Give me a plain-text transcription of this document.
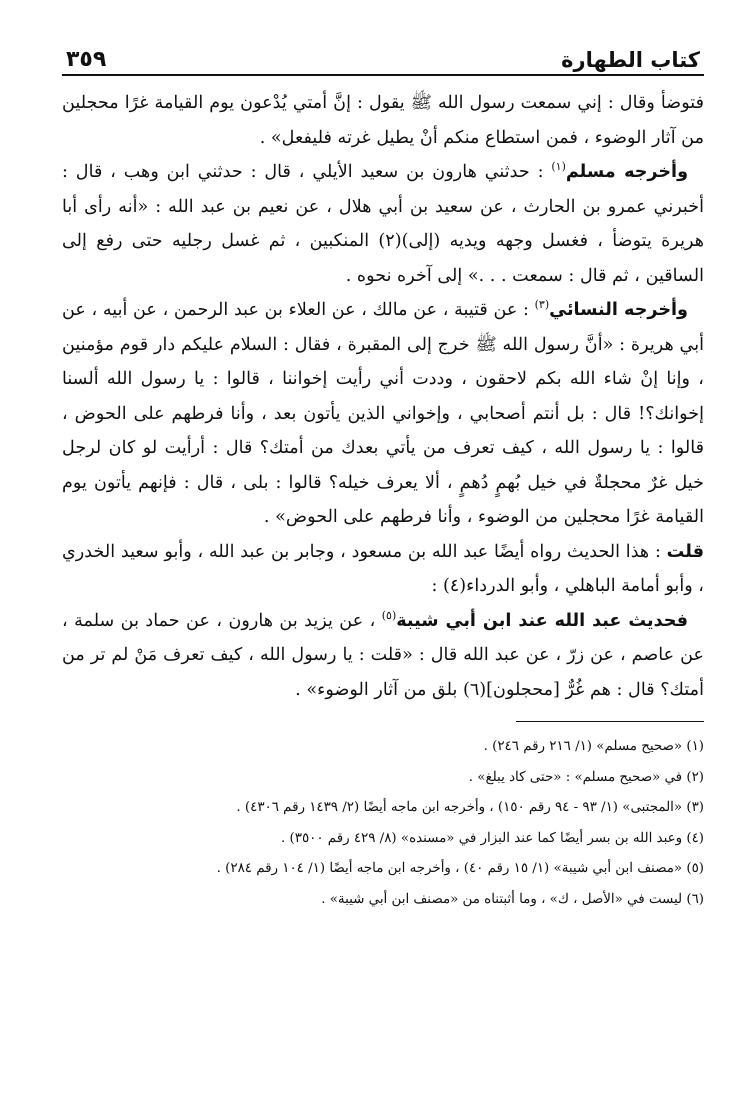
كتاب الطهارة
٣٥٩

فتوضأ وقال : إني سمعت رسول الله ﷺ يقول : إنَّ أمتي يُدْعون يوم القيامة غرًا محجلين من آثار الوضوء ، فمن استطاع منكم أنْ يطيل غرته فليفعل» .

وأخرجه مسلم$^{(١)}$ : حدثني هارون بن سعيد الأيلي ، قال : حدثني ابن وهب ، قال : أخبرني عمرو بن الحارث ، عن سعيد بن أبي هلال ، عن نعيم بن عبد الله : «أنه رأى أبا هريرة يتوضأ ، فغسل وجهه ويديه (إلى)(٢) المنكبين ، ثم غسل رجليه حتى رفع إلى الساقين ، ثم قال : سمعت . . .» إلى آخره نحوه .

وأخرجه النسائي$^{(٣)}$ : عن قتيبة ، عن مالك ، عن العلاء بن عبد الرحمن ، عن أبيه ، عن أبي هريرة : «أنَّ رسول الله ﷺ خرج إلى المقبرة ، فقال : السلام عليكم دار قوم مؤمنين ، وإنا إنْ شاء الله بكم لاحقون ، وددت أني رأيت إخواننا ، قالوا : يا رسول الله ألسنا إخوانك؟! قال : بل أنتم أصحابي ، وإخواني الذين يأتون بعد ، وأنا فرطهم على الحوض ، قالوا : يا رسول الله ، كيف تعرف من يأتي بعدك من أمتك؟ قال : أرأيت لو كان لرجل خيل غرٌ محجلةٌ في خيل بُهمٍ دُهمٍ ، ألا يعرف خيله؟ قالوا : بلى ، قال : فإنهم يأتون يوم القيامة غرًا محجلين من الوضوء ، وأنا فرطهم على الحوض» .

قلت : هذا الحديث رواه أيضًا عبد الله بن مسعود ، وجابر بن عبد الله ، وأبو سعيد الخدري ، وأبو أمامة الباهلي ، وأبو الدرداء(٤) :

فحديث عبد الله عند ابن أبي شيبة$^{(٥)}$ ، عن يزيد بن هارون ، عن حماد بن سلمة ، عن عاصم ، عن زرّ ، عن عبد الله قال : «قلت : يا رسول الله ، كيف تعرف مَنْ لم تر من أمتك؟ قال : هم غُرٌّ [محجلون](٦) بلق من آثار الوضوء» .

(١) «صحيح مسلم» (١/ ٢١٦ رقم ٢٤٦) .

(٢) في «صحيح مسلم» : «حتى كاد يبلغ» .

(٣) «المجتبى» (١/ ٩٣ - ٩٤ رقم ١٥٠) ، وأخرجه ابن ماجه أيضًا (٢/ ١٤٣٩ رقم ٤٣٠٦) .

(٤) وعبد الله بن بسر أيضًا كما عند البزار في «مسنده» (٨/ ٤٢٩ رقم ٣٥٠٠) .

(٥) «مصنف ابن أبي شيبة» (١/ ١٥ رقم ٤٠) ، وأخرجه ابن ماجه أيضًا (١/ ١٠٤ رقم ٢٨٤) .

(٦) ليست في «الأصل ، ك» ، وما أثبتناه من «مصنف ابن أبي شيبة» .
